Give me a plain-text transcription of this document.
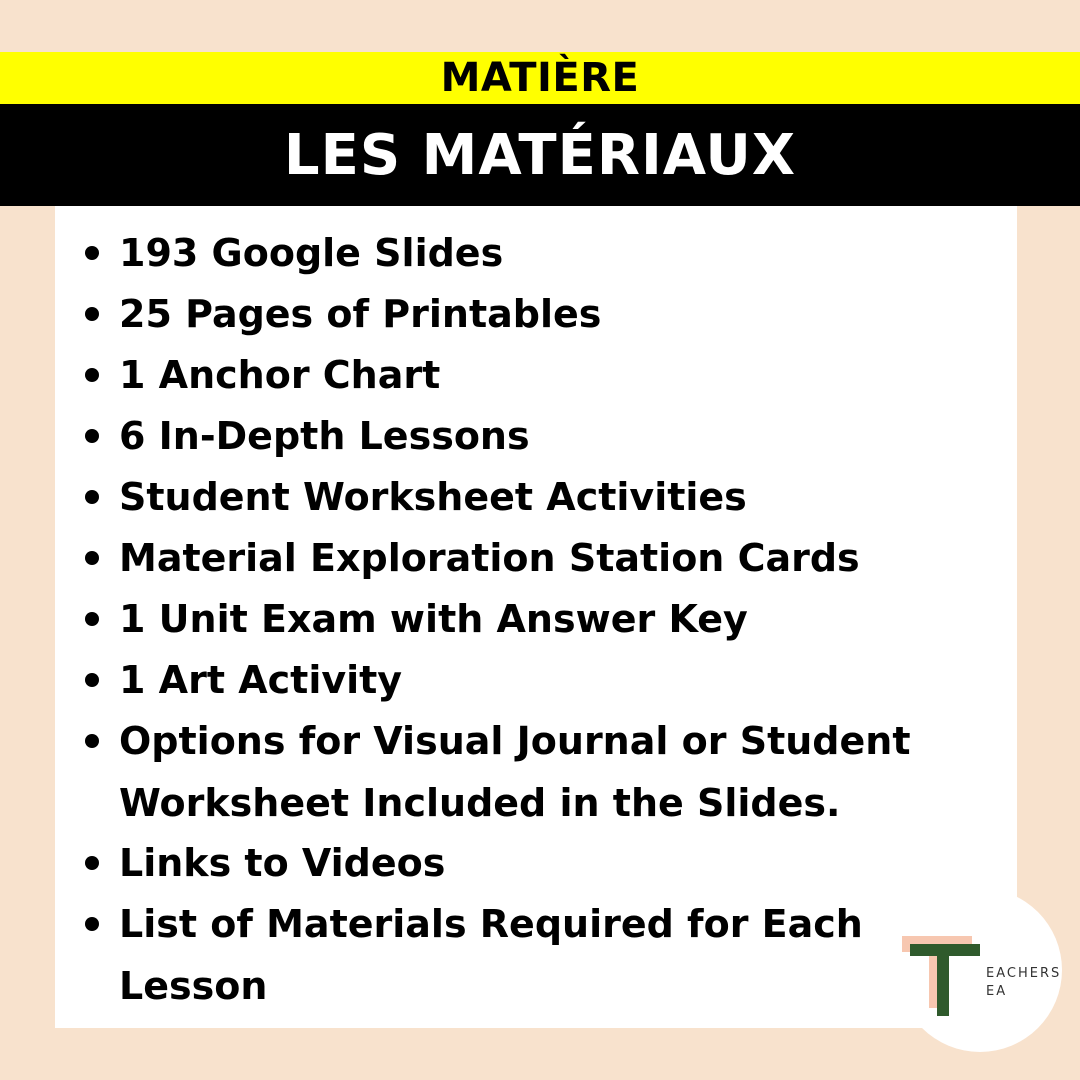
MATIÈRE
LES MATÉRIAUX
193 Google Slides
25 Pages of Printables
1 Anchor Chart
6 In-Depth Lessons
Student Worksheet Activities
Material Exploration Station Cards
1 Unit Exam with Answer Key
1 Art Activity
Options for Visual Journal or Student Worksheet Included in the Slides.
Links to Videos
List of Materials Required for Each Lesson	EACHERS
EA
